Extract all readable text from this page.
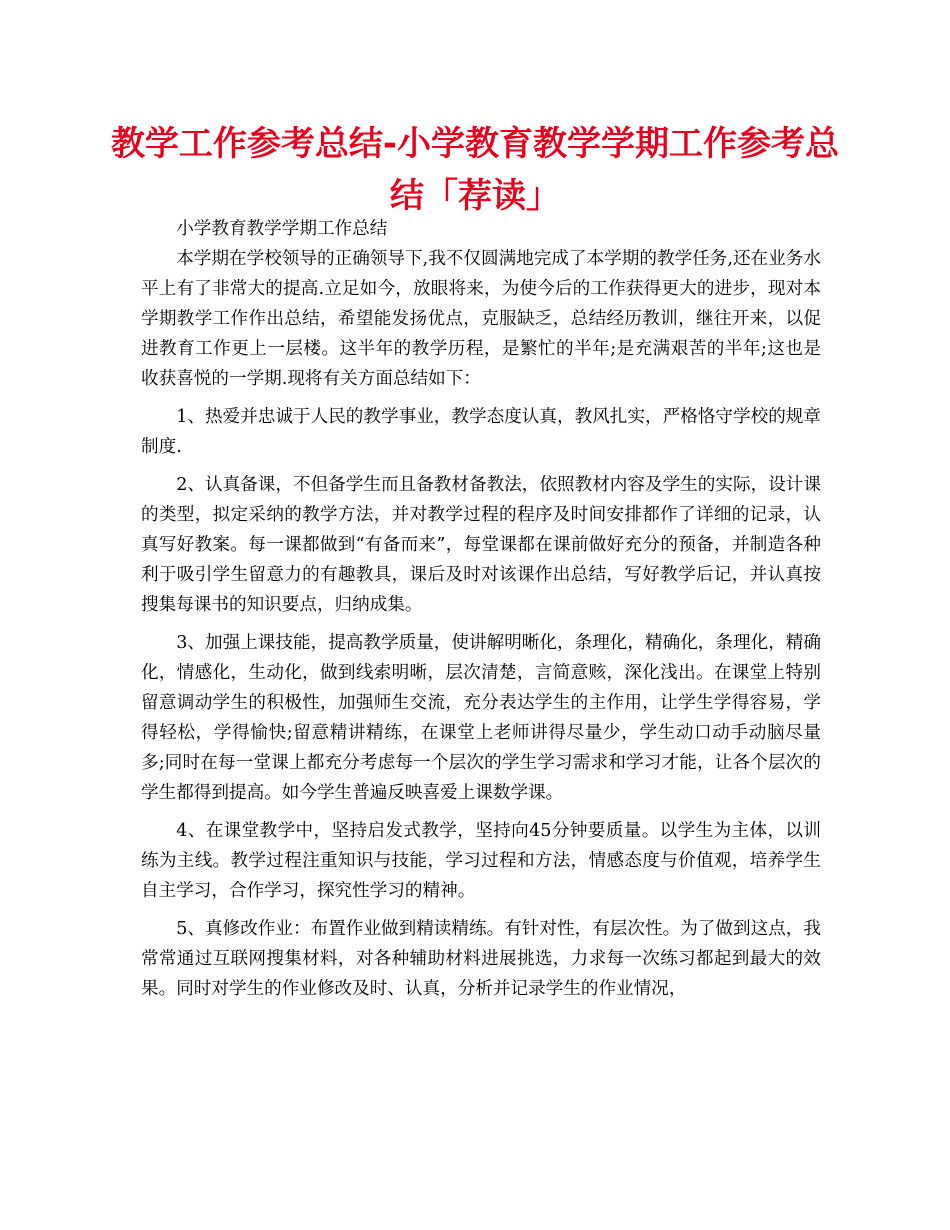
教学工作参考总结-小学教育教学学期工作参考总结「荐读」

小学教育教学学期工作总结

本学期在学校领导的正确领导下,我不仅圆满地完成了本学期的教学任务,还在业务水平上有了非常大的提高.立足如今，放眼将来，为使今后的工作获得更大的进步，现对本学期教学工作作出总结，希望能发扬优点，克服缺乏，总结经历教训，继往开来，以促进教育工作更上一层楼。这半年的教学历程，是繁忙的半年;是充满艰苦的半年;这也是收获喜悦的一学期.现将有关方面总结如下：

1、热爱并忠诚于人民的教学事业，教学态度认真，教风扎实，严格恪守学校的规章制度.

2、认真备课，不但备学生而且备教材备教法，依照教材内容及学生的实际，设计课的类型，拟定采纳的教学方法，并对教学过程的程序及时间安排都作了详细的记录，认真写好教案。每一课都做到“有备而来”，每堂课都在课前做好充分的预备，并制造各种利于吸引学生留意力的有趣教具，课后及时对该课作出总结，写好教学后记，并认真按搜集每课书的知识要点，归纳成集。

3、加强上课技能，提高教学质量，使讲解明晰化，条理化，精确化，条理化，精确化，情感化，生动化，做到线索明晰，层次清楚，言简意赅，深化浅出。在课堂上特别留意调动学生的积极性，加强师生交流，充分表达学生的主作用，让学生学得容易，学得轻松，学得愉快;留意精讲精练，在课堂上老师讲得尽量少，学生动口动手动脑尽量多;同时在每一堂课上都充分考虑每一个层次的学生学习需求和学习才能，让各个层次的学生都得到提高。如今学生普遍反映喜爱上课数学课。

4、在课堂教学中，坚持启发式教学，坚持向45分钟要质量。以学生为主体，以训练为主线。教学过程注重知识与技能，学习过程和方法，情感态度与价值观，培养学生自主学习，合作学习，探究性学习的精神。

5、真修改作业：布置作业做到精读精练。有针对性，有层次性。为了做到这点，我常常通过互联网搜集材料，对各种辅助材料进展挑选，力求每一次练习都起到最大的效果。同时对学生的作业修改及时、认真，分析并记录学生的作业情况，
